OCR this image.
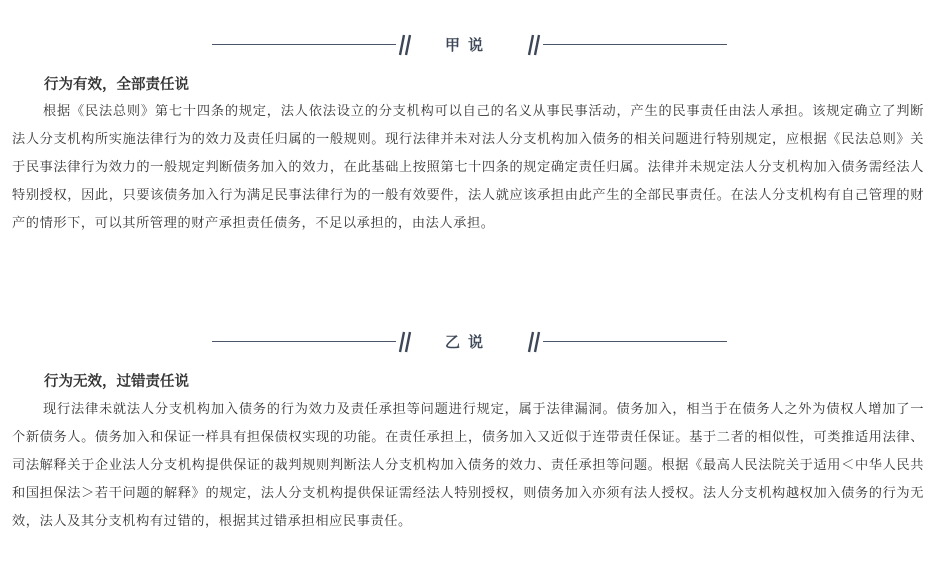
甲说
行为有效，全部责任说

根据《民法总则》第七十四条的规定，法人依法设立的分支机构可以自己的名义从事民事活动，产生的民事责任由法人承担。该规定确立了判断法人分支机构所实施法律行为的效力及责任归属的一般规则。现行法律并未对法人分支机构加入债务的相关问题进行特别规定，应根据《民法总则》关于民事法律行为效力的一般规定判断债务加入的效力，在此基础上按照第七十四条的规定确定责任归属。法律并未规定法人分支机构加入债务需经法人特别授权，因此，只要该债务加入行为满足民事法律行为的一般有效要件，法人就应该承担由此产生的全部民事责任。在法人分支机构有自己管理的财产的情形下，可以其所管理的财产承担责任债务，不足以承担的，由法人承担。

乙说
行为无效，过错责任说

现行法律未就法人分支机构加入债务的行为效力及责任承担等问题进行规定，属于法律漏洞。债务加入，相当于在债务人之外为债权人增加了一个新债务人。债务加入和保证一样具有担保债权实现的功能。在责任承担上，债务加入又近似于连带责任保证。基于二者的相似性，可类推适用法律、司法解释关于企业法人分支机构提供保证的裁判规则判断法人分支机构加入债务的效力、责任承担等问题。根据《最高人民法院关于适用＜中华人民共和国担保法＞若干问题的解释》的规定，法人分支机构提供保证需经法人特别授权，则债务加入亦须有法人授权。法人分支机构越权加入债务的行为无效，法人及其分支机构有过错的，根据其过错承担相应民事责任。
